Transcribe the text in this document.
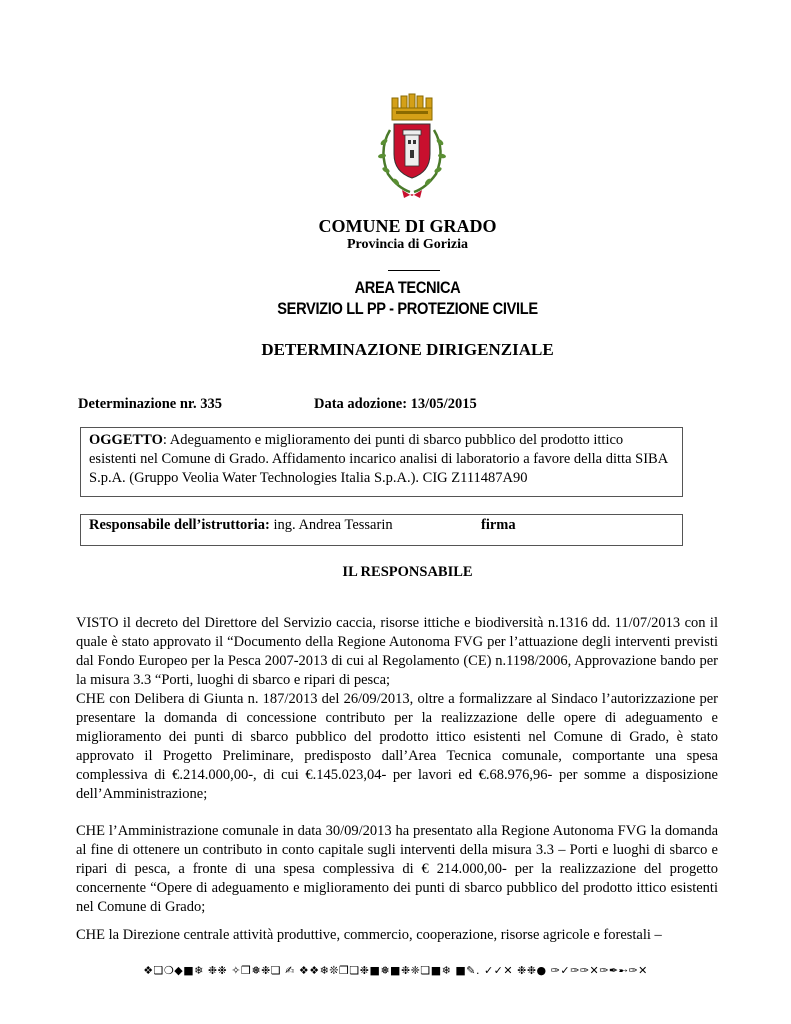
COMUNE DI GRADO
Provincia di Gorizia
AREA TECNICA
SERVIZIO LL PP - PROTEZIONE CIVILE
DETERMINAZIONE DIRIGENZIALE
Determinazione nr. 335	Data adozione: 13/05/2015
OGGETTO: Adeguamento e miglioramento dei punti di sbarco pubblico del prodotto ittico esistenti nel Comune di Grado. Affidamento incarico analisi di laboratorio a favore della ditta SIBA S.p.A. (Gruppo Veolia Water Technologies Italia S.p.A.). CIG Z111487A90
Responsabile dell’istruttoria: ing. Andrea Tessarin	firma
IL RESPONSABILE
VISTO il decreto del Direttore del Servizio caccia, risorse ittiche e biodiversità n.1316 dd. 11/07/2013 con il quale è stato approvato il “Documento della Regione Autonoma FVG per l’attuazione degli interventi previsti dal Fondo Europeo per la Pesca 2007-2013 di cui al Regolamento (CE) n.1198/2006, Approvazione bando per la misura 3.3 “Porti, luoghi di sbarco e ripari di pesca;
CHE con Delibera di Giunta n. 187/2013 del 26/09/2013, oltre a formalizzare al Sindaco l’autorizzazione per presentare la domanda di concessione contributo per la realizzazione delle opere di adeguamento e miglioramento dei punti di sbarco pubblico del prodotto ittico esistenti nel Comune di Grado, è stato approvato il Progetto Preliminare, predisposto dall’Area Tecnica comunale, comportante una spesa complessiva di €.214.000,00-, di cui €.145.023,04- per lavori ed €.68.976,96- per somme a disposizione dell’Amministrazione;
CHE l’Amministrazione comunale in data 30/09/2013 ha presentato alla Regione Autonoma FVG la domanda al fine di ottenere un contributo in conto capitale sugli interventi della misura 3.3 – Porti e luoghi di sbarco e ripari di pesca, a fronte di una spesa complessiva di € 214.000,00- per la realizzazione del progetto concernente “Opere di adeguamento e miglioramento dei punti di sbarco pubblico del prodotto ittico esistenti nel Comune di Grado;
CHE la Direzione centrale attività produttive, commercio, cooperazione, risorse agricole e forestali –
❖❏❍◆■❄ ❉❉ ✧❒❅❉❏ ✍ ❖❖❄❊❒❏❉■❅■❉❈❏■❄ ■✎. ✓✓✕ ❉❉● ✑✓✑✑✕✑✒➸✑✕
